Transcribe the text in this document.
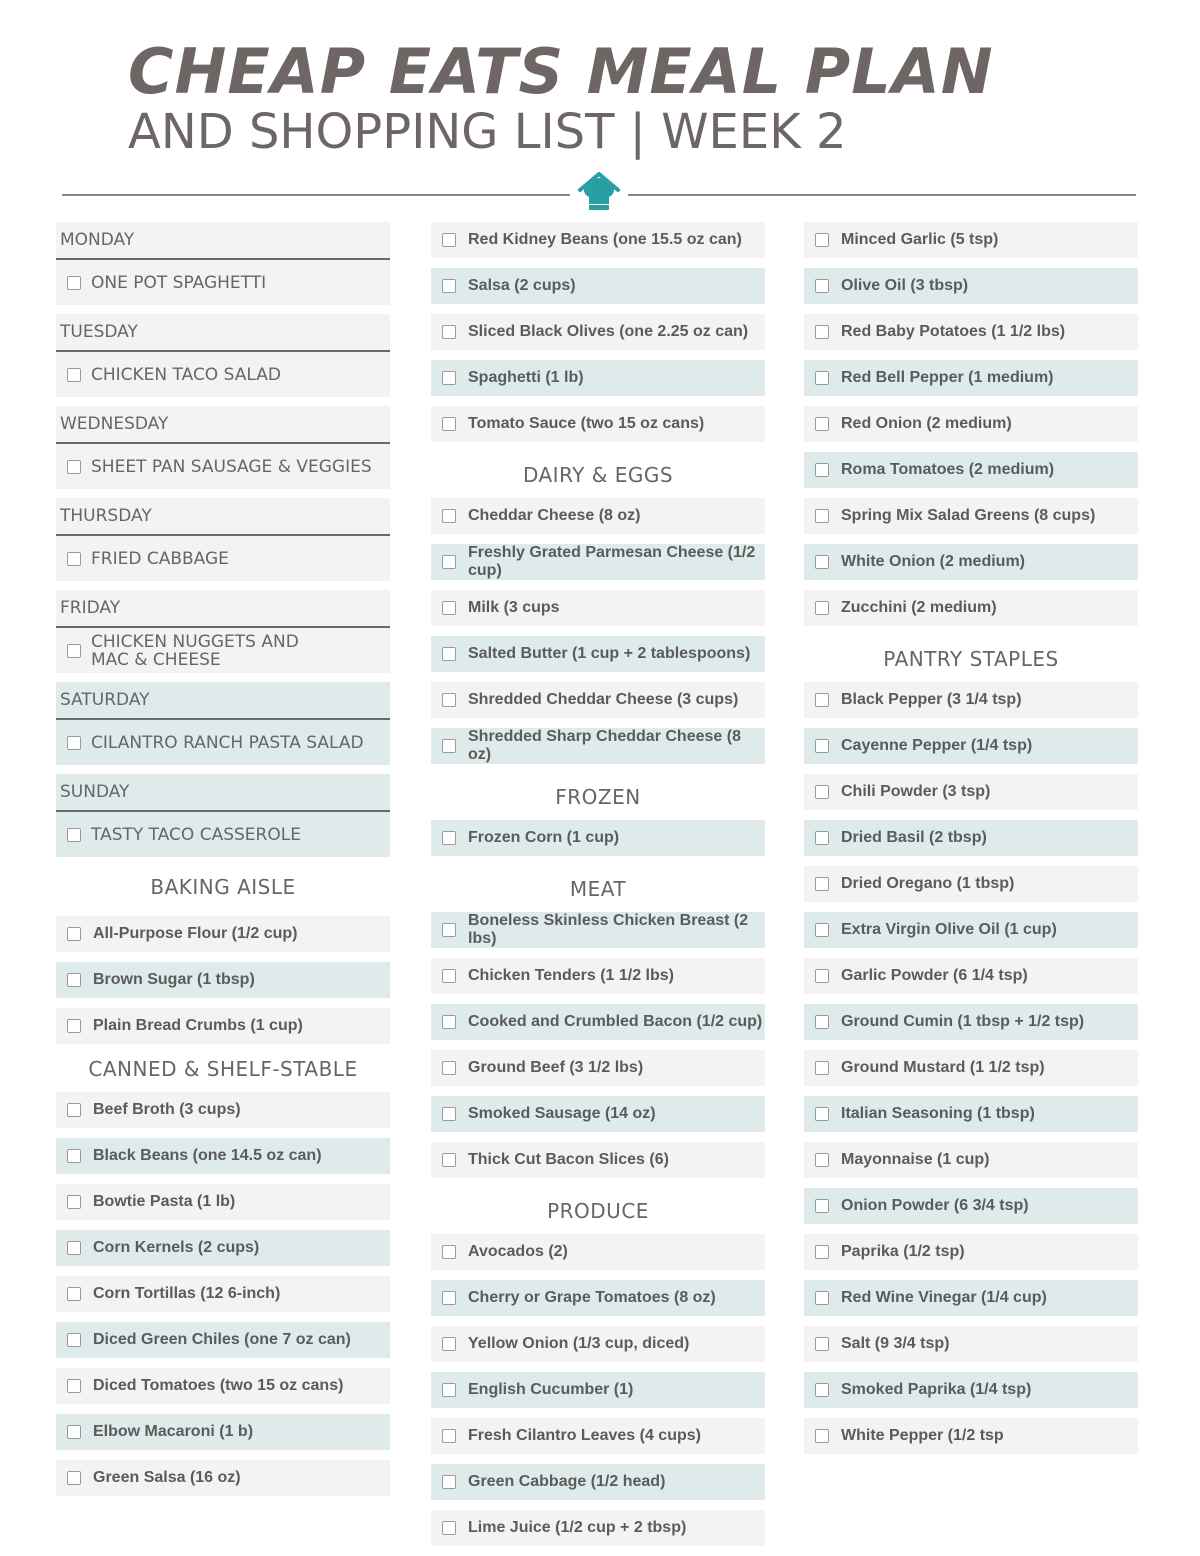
CHEAP EATS MEAL PLAN
AND SHOPPING LIST | WEEK 2
MONDAY
ONE POT SPAGHETTI
TUESDAY
CHICKEN TACO SALAD
WEDNESDAY
SHEET PAN SAUSAGE & VEGGIES
THURSDAY
FRIED CABBAGE
FRIDAY
CHICKEN NUGGETS AND MAC & CHEESE
SATURDAY
CILANTRO RANCH PASTA SALAD
SUNDAY
TASTY TACO CASSEROLE
BAKING AISLE
All-Purpose Flour (1/2 cup)
Brown Sugar (1 tbsp)
Plain Bread Crumbs (1 cup)
CANNED & SHELF-STABLE
Beef Broth (3 cups)
Black Beans (one 14.5 oz can)
Bowtie Pasta (1 lb)
Corn Kernels (2 cups)
Corn Tortillas (12 6-inch)
Diced Green Chiles (one 7 oz can)
Diced Tomatoes (two 15 oz cans)
Elbow Macaroni (1 b)
Green Salsa (16 oz)
Red Kidney Beans (one 15.5 oz can)
Salsa (2 cups)
Sliced Black Olives (one 2.25 oz can)
Spaghetti (1 lb)
Tomato Sauce (two 15 oz cans)
DAIRY & EGGS
Cheddar Cheese (8 oz)
Freshly Grated Parmesan Cheese (1/2 cup)
Milk (3 cups
Salted Butter (1 cup + 2 tablespoons)
Shredded Cheddar Cheese (3 cups)
Shredded Sharp Cheddar Cheese (8 oz)
FROZEN
Frozen Corn (1 cup)
MEAT
Boneless Skinless Chicken Breast (2 lbs)
Chicken Tenders (1 1/2 lbs)
Cooked and Crumbled Bacon (1/2 cup)
Ground Beef (3 1/2 lbs)
Smoked Sausage (14 oz)
Thick Cut Bacon Slices (6)
PRODUCE
Avocados (2)
Cherry or Grape Tomatoes (8 oz)
Yellow Onion (1/3 cup, diced)
English Cucumber (1)
Fresh Cilantro Leaves (4 cups)
Green Cabbage (1/2 head)
Lime Juice (1/2 cup + 2 tbsp)
Minced Garlic (5 tsp)
Olive Oil (3 tbsp)
Red Baby Potatoes (1 1/2 lbs)
Red Bell Pepper (1 medium)
Red Onion (2 medium)
Roma Tomatoes (2 medium)
Spring Mix Salad Greens (8 cups)
White Onion (2 medium)
Zucchini (2 medium)
PANTRY STAPLES
Black Pepper (3 1/4 tsp)
Cayenne Pepper (1/4 tsp)
Chili Powder (3 tsp)
Dried Basil (2 tbsp)
Dried Oregano (1 tbsp)
Extra Virgin Olive Oil (1 cup)
Garlic Powder (6 1/4 tsp)
Ground Cumin (1 tbsp + 1/2 tsp)
Ground Mustard (1 1/2 tsp)
Italian Seasoning (1 tbsp)
Mayonnaise (1 cup)
Onion Powder (6 3/4 tsp)
Paprika (1/2 tsp)
Red Wine Vinegar (1/4 cup)
Salt (9 3/4 tsp)
Smoked Paprika (1/4 tsp)
White Pepper (1/2 tsp
